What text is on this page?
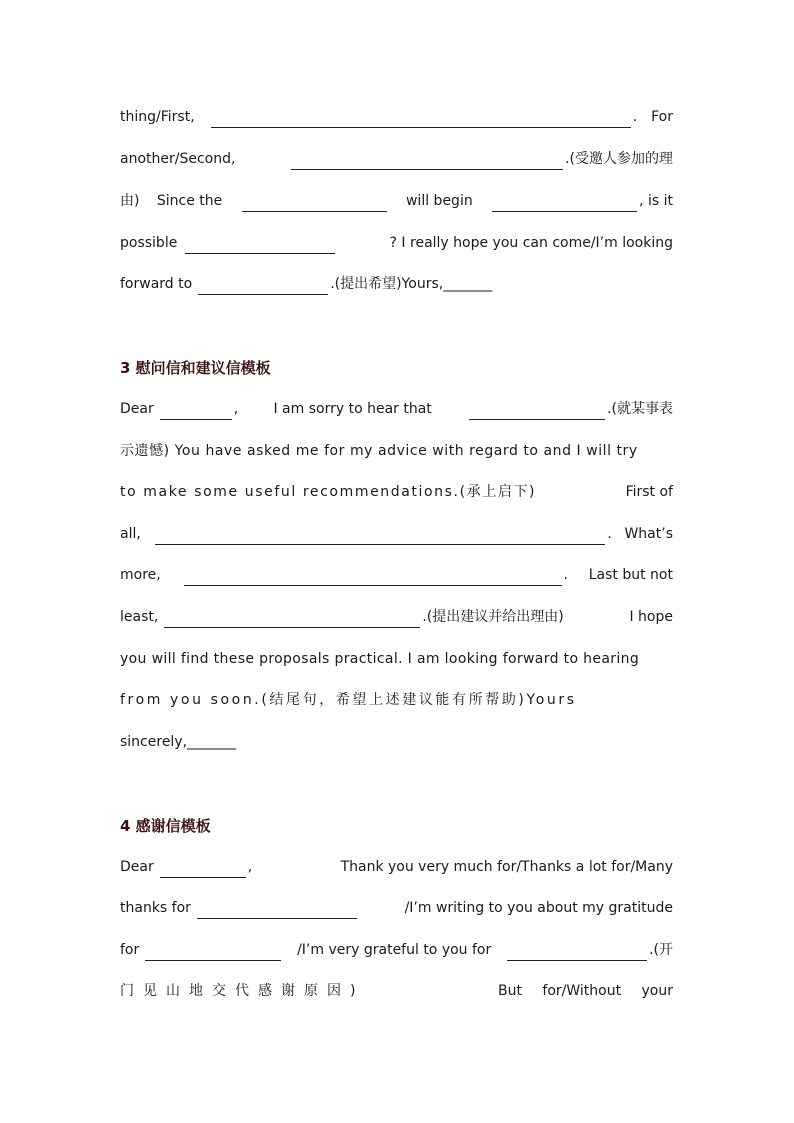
thing/First,	. For
another/Second,	.(受邀人参加的理
由) Since the	will begin	, is it
possible	? I really hope you can come/I’m looking
forward to	.(提出希望)Yours,_______
3 慰问信和建议信模板
Dear	,	I am sorry to hear that	.(就某事表
示遗憾) You have asked me for my advice with regard to and I will try
to make some useful recommendations.(承上启下)	First of
all,	. What’s
more,	. Last but not
least,	.(提出建议并给出理由)	I hope
you will find these proposals practical. I am looking forward to hearing
from you soon.(结尾句，希望上述建议能有所帮助)Yours
sincerely,_______
4 感谢信模板
Dear	,	Thank you very much for/Thanks a lot for/Many
thanks for	/I’m writing to you about my gratitude
for	/I’m very grateful to you for	.(开
门见山地交代感谢原因)	But for/Without your
